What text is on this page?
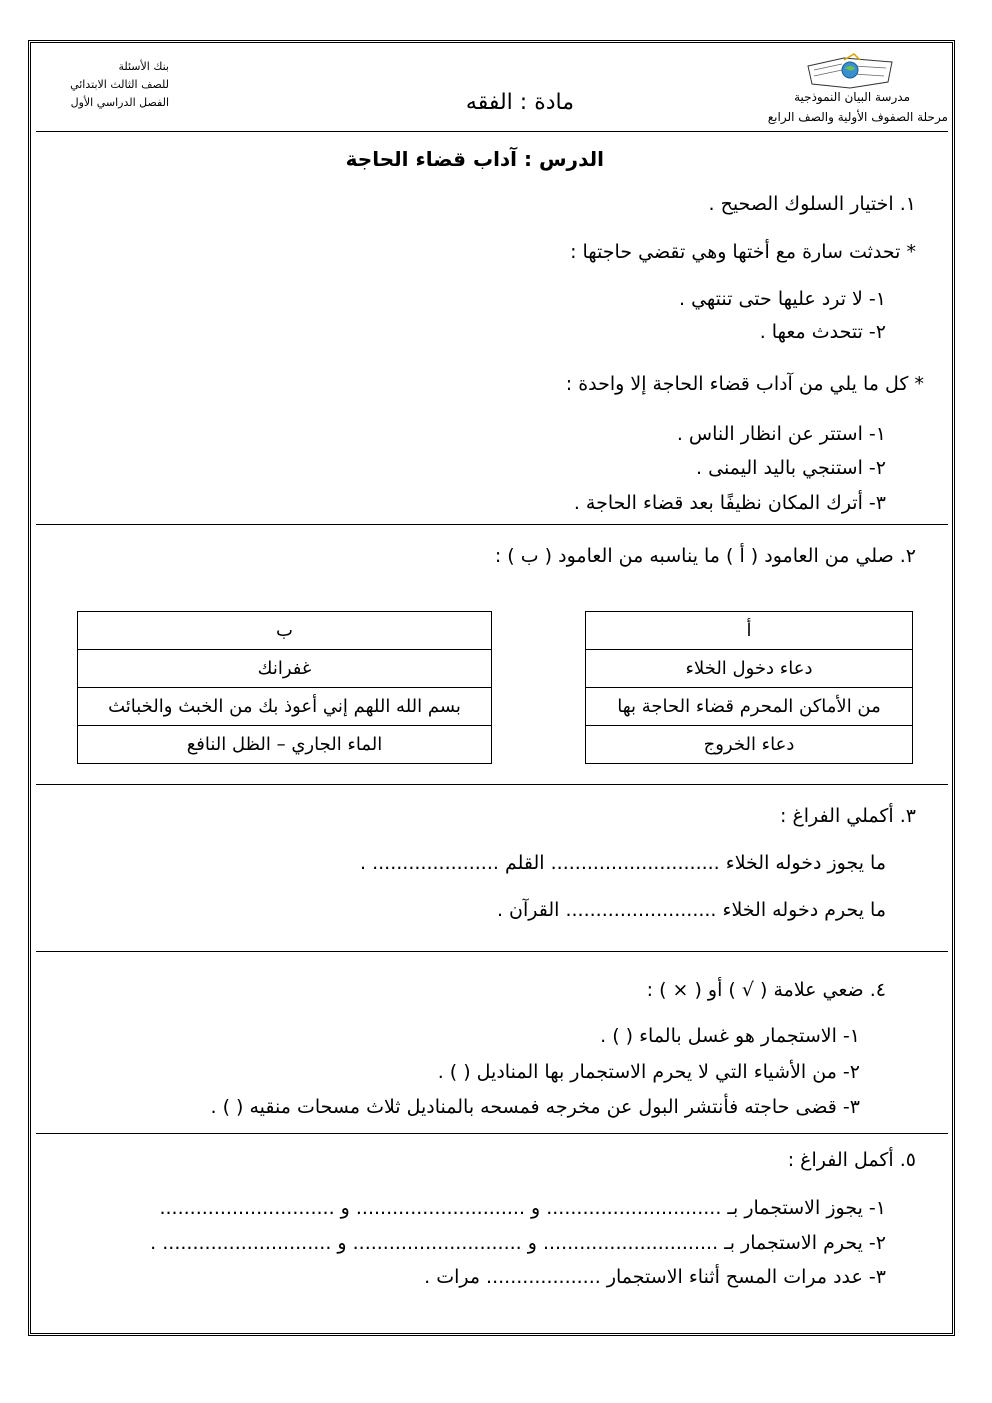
بنك الأسئلة
للصف الثالث الابتدائي
الفصل الدراسي الأول	مادة : الفقه	مدرسة البيان النموذجية
مرحلة الصفوف الأولية والصف الرابع
الدرس : آداب قضاء الحاجة
١. اختيار السلوك الصحيح .
* تحدثت سارة مع أختها وهي تقضي حاجتها :
١- لا ترد عليها حتى تنتهي .
٢- تتحدث معها .
* كل ما يلي من آداب قضاء الحاجة إلا واحدة :
١- استتر عن انظار الناس .
٢- استنجي باليد اليمنى .
٣- أترك المكان نظيفًا بعد قضاء الحاجة .
٢. صلي من العامود ( أ ) ما يناسبه من العامود ( ب ) :
أ
دعاء دخول الخلاء
من الأماكن المحرم قضاء الحاجة بها
دعاء الخروج
ب
غفرانك
بسم الله اللهم إني أعوذ بك من الخبث والخبائث
الماء الجاري – الظل النافع
٣. أكملي الفراغ :
ما يجوز دخوله الخلاء ............................ القلم ..................... .
ما يحرم دخوله الخلاء ......................... القرآن .
٤. ضعي علامة ( √ ) أو ( × ) :
١- الاستجمار هو غسل بالماء ( ) .
٢- من الأشياء التي لا يحرم الاستجمار بها المناديل ( ) .
٣- قضى حاجته فأنتشر البول عن مخرجه فمسحه بالمناديل ثلاث مسحات منقيه ( ) .
٥. أكمل الفراغ :
١- يجوز الاستجمار بـ ............................. و ............................ و .............................
٢- يحرم الاستجمار بـ ............................. و ............................ و ............................ .
٣- عدد مرات المسح أثناء الاستجمار ................... مرات .
